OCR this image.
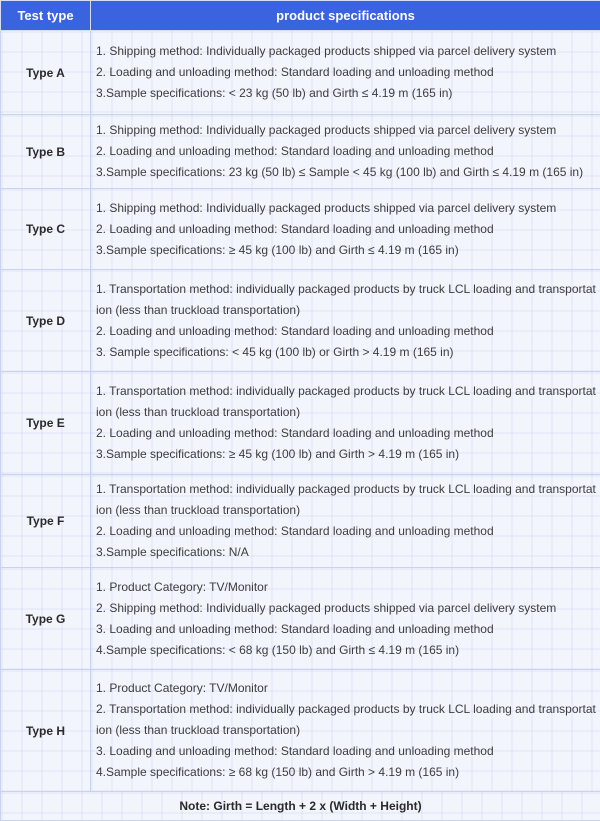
Test type	product specifications
Type A	1. Shipping method: Individually packaged products shipped via parcel delivery system
2. Loading and unloading method: Standard loading and unloading method
3.Sample specifications: < 23 kg (50 lb) and Girth ≤ 4.19 m (165 in)

Type B	1. Shipping method: Individually packaged products shipped via parcel delivery system
2. Loading and unloading method: Standard loading and unloading method
3.Sample specifications: 23 kg (50 lb) ≤ Sample < 45 kg (100 lb) and Girth ≤ 4.19 m (165 in)

Type C	1. Shipping method: Individually packaged products shipped via parcel delivery system
2. Loading and unloading method: Standard loading and unloading method
3.Sample specifications: ≥ 45 kg (100 lb) and Girth ≤ 4.19 m (165 in)

Type D	1. Transportation method: individually packaged products by truck LCL loading and transportation (less than truckload transportation)
2. Loading and unloading method: Standard loading and unloading method
3. Sample specifications: < 45 kg (100 lb) or Girth > 4.19 m (165 in)

Type E	1. Transportation method: individually packaged products by truck LCL loading and transportation (less than truckload transportation)
2. Loading and unloading method: Standard loading and unloading method
3.Sample specifications: ≥ 45 kg (100 lb) and Girth > 4.19 m (165 in)

Type F	1. Transportation method: individually packaged products by truck LCL loading and transportation (less than truckload transportation)
2. Loading and unloading method: Standard loading and unloading method
3.Sample specifications: N/A

Type G	1. Product Category: TV/Monitor
2. Shipping method: Individually packaged products shipped via parcel delivery system
3. Loading and unloading method: Standard loading and unloading method
4.Sample specifications: < 68 kg (150 lb) and Girth ≤ 4.19 m (165 in)

Type H	1. Product Category: TV/Monitor
2. Transportation method: individually packaged products by truck LCL loading and transportation (less than truckload transportation)
3. Loading and unloading method: Standard loading and unloading method
4.Sample specifications: ≥ 68 kg (150 lb) and Girth > 4.19 m (165 in)

Note: Girth = Length + 2 x (Width + Height)	
